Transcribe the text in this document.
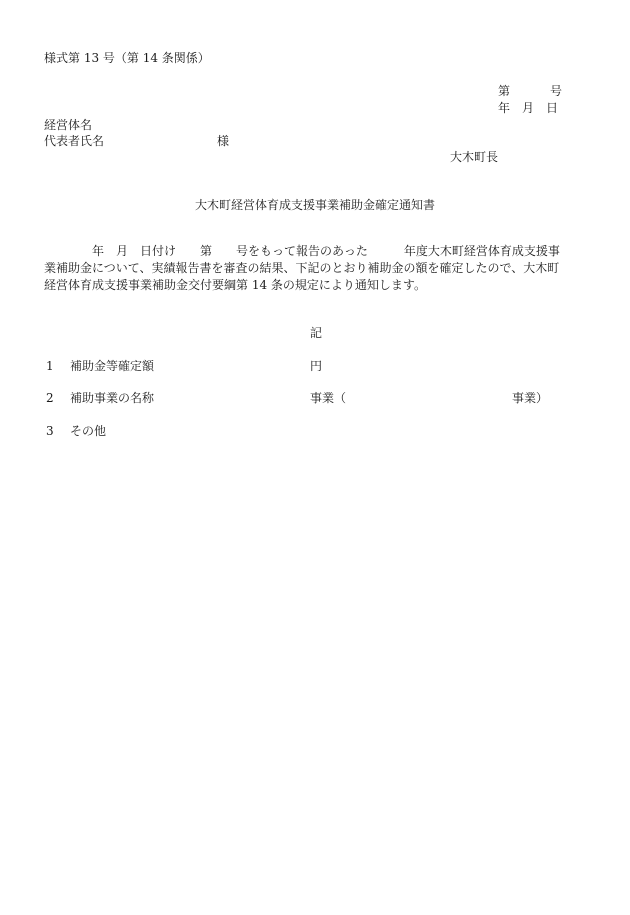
様式第 13 号（第 14 条関係）
第	号
年 月 日
経営体名
代表者氏名	様
大木町長
大木町経営体育成支援事業補助金確定通知書
　　　　年　月　日付け　　第　　号をもって報告のあった　　　年度大木町経営体育成支援事
業補助金について、実績報告書を審査の結果、下記のとおり補助金の額を確定したので、大木町
経営体育成支援事業補助金交付要綱第 14 条の規定により通知します。
記
1 補助金等確定額	円
2 補助事業の名称	事業（	事業）
3 その他
